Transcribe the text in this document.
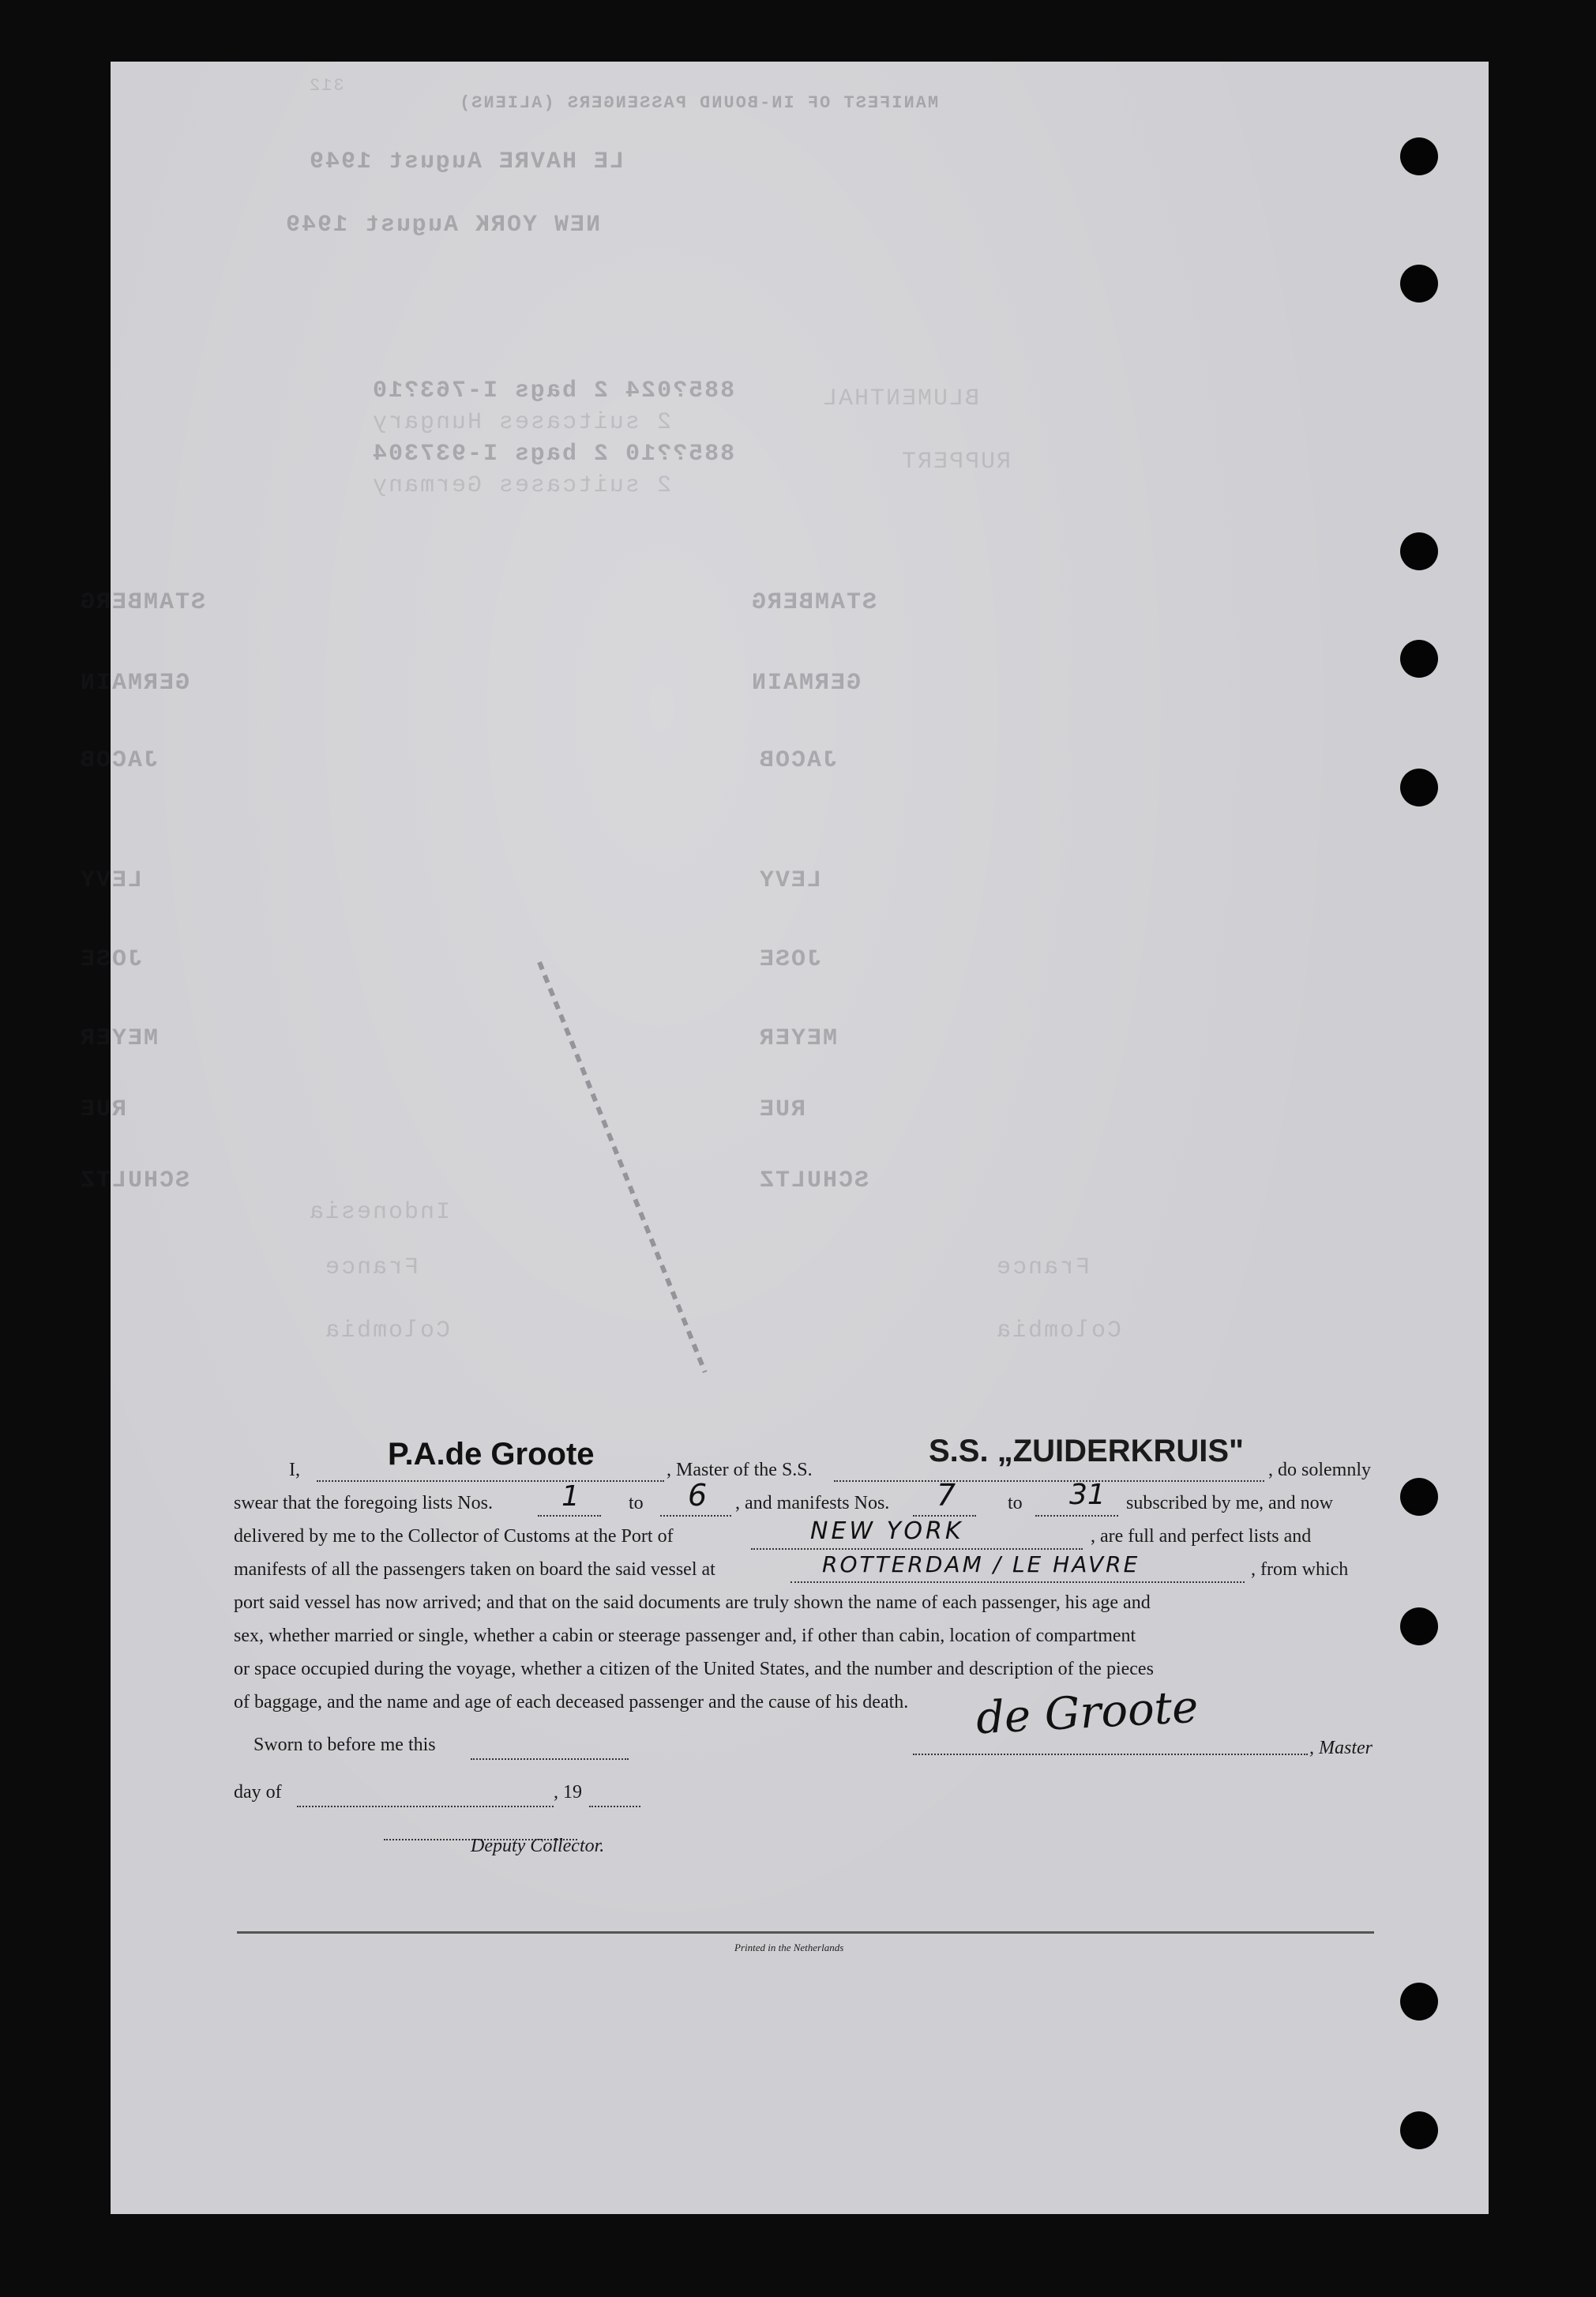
312
MANIFEST OF IN-BOUND PASSENGERS (ALIENS)
LE HAVRE August 1949
NEW YORK August 1949
BLUMENTHAL
RUPPERT
885?024 2 bags I-763?10
2 suitcases Hungary
885??10 2 bags I-937304
2 suitcases Germany
STAMBERG
GERMAIN
JACOB
LEVY
JOSE
MEYER
RUE
SCHULTZ
STAMBERG
GERMAIN
JACOB
LEVY
JOSE
MEYER
RUE
SCHULTZ
Indonesia
France
Colombia
France
Colombia
Printed in the Netherlands
I,	P.A.de Groote	, Master of the S.S.
S.S. „ZUIDERKRUIS"
, do solemnly
swear that the foregoing lists Nos. 1	to 6 , and manifests Nos. 7	to 31 subscribed by me, and now
delivered by me to the Collector of Customs at the Port of	NEW YORK	, are full and perfect lists and
manifests of all the passengers taken on board the said vessel at	ROTTERDAM / LE HAVRE	, from which
port said vessel has now arrived; and that on the said documents are truly shown the name of each passenger, his age and
sex, whether married or single, whether a cabin or steerage passenger and, if other than cabin, location of compartment
or space occupied during the voyage, whether a citizen of the United States, and the number and description of the pieces
of baggage, and the name and age of each deceased passenger and the cause of his death.
Sworn to before me this
de Groote
, Master
day of	, 19
Deputy Collector.
